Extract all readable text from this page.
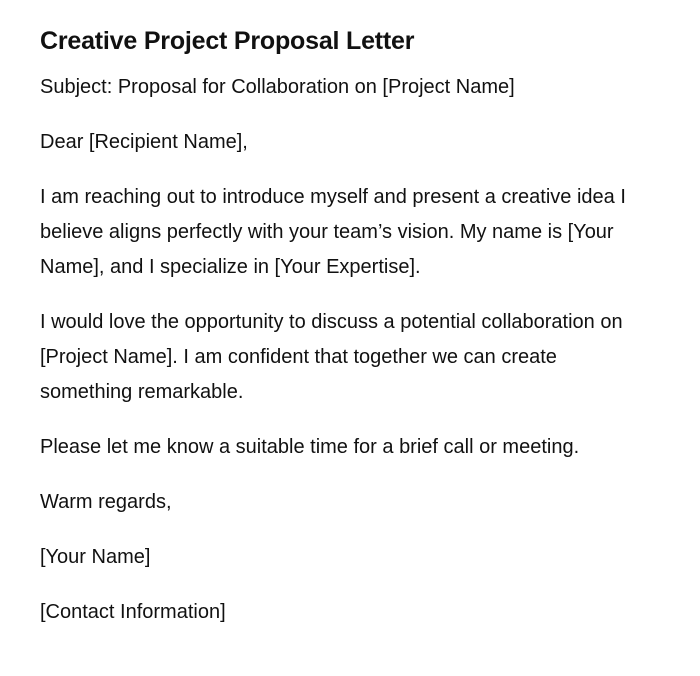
Creative Project Proposal Letter

Subject: Proposal for Collaboration on [Project Name]

Dear [Recipient Name],

I am reaching out to introduce myself and present a creative idea I believe aligns perfectly with your team’s vision. My name is [Your Name], and I specialize in [Your Expertise].

I would love the opportunity to discuss a potential collaboration on [Project Name]. I am confident that together we can create something remarkable.

Please let me know a suitable time for a brief call or meeting.

Warm regards,

[Your Name]

[Contact Information]
